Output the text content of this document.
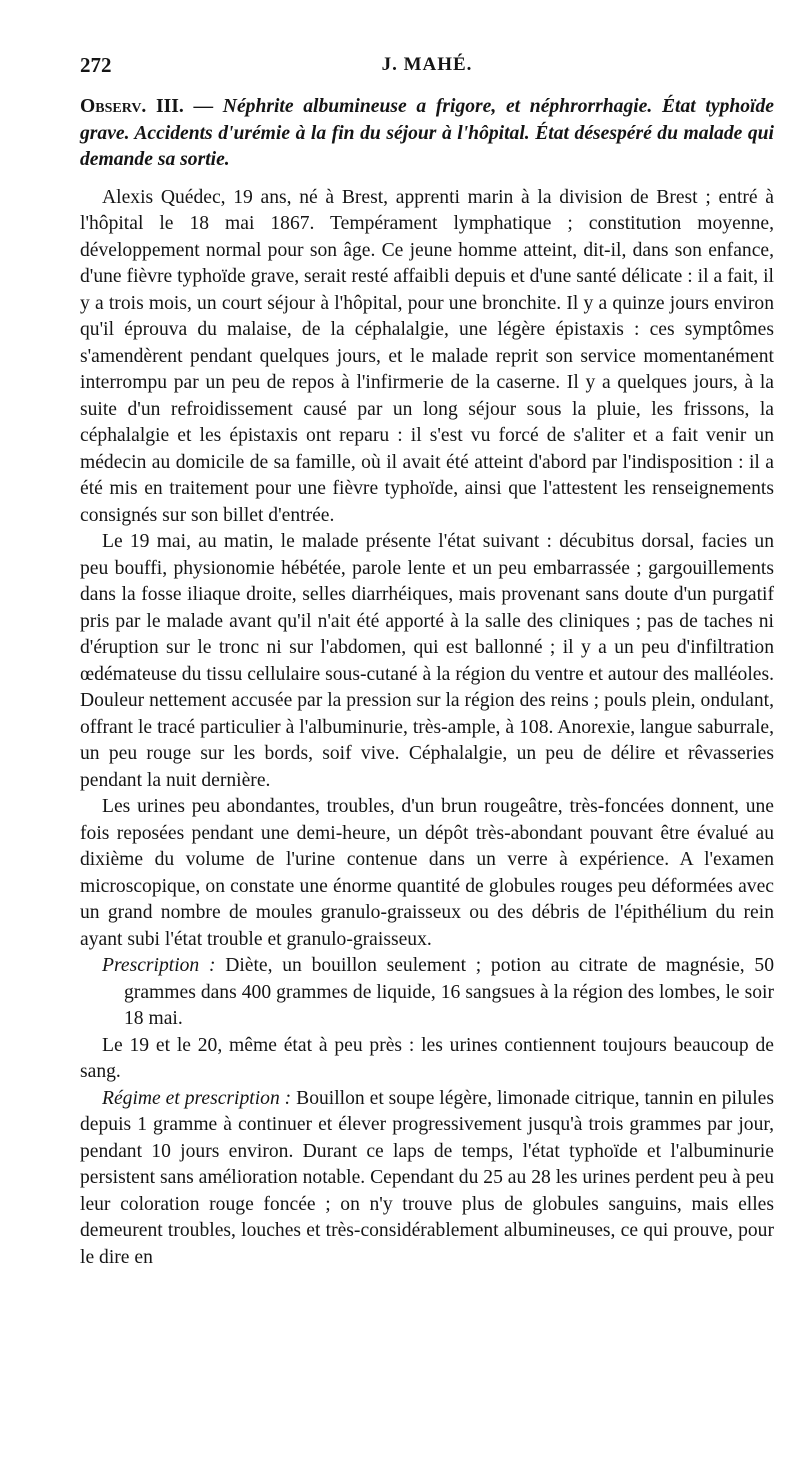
272	J. MAHÉ.

Observ. III. — Néphrite albumineuse a frigore, et néphrorrhagie. État typhoïde grave. Accidents d'urémie à la fin du séjour à l'hôpital. État désespéré du malade qui demande sa sortie.

Alexis Quédec, 19 ans, né à Brest, apprenti marin à la division de Brest ; entré à l'hôpital le 18 mai 1867. Tempérament lymphatique ; constitution moyenne, développement normal pour son âge. Ce jeune homme atteint, dit-il, dans son enfance, d'une fièvre typhoïde grave, serait resté affaibli depuis et d'une santé délicate : il a fait, il y a trois mois, un court séjour à l'hôpital, pour une bronchite. Il y a quinze jours environ qu'il éprouva du malaise, de la céphalalgie, une légère épistaxis : ces symptômes s'amendèrent pendant quelques jours, et le malade reprit son service momentanément interrompu par un peu de repos à l'infirmerie de la caserne. Il y a quelques jours, à la suite d'un refroidissement causé par un long séjour sous la pluie, les frissons, la céphalalgie et les épistaxis ont reparu : il s'est vu forcé de s'aliter et a fait venir un médecin au domicile de sa famille, où il avait été atteint d'abord par l'indisposition : il a été mis en traitement pour une fièvre typhoïde, ainsi que l'attestent les renseignements consignés sur son billet d'entrée.

Le 19 mai, au matin, le malade présente l'état suivant : décubitus dorsal, facies un peu bouffi, physionomie hébétée, parole lente et un peu embarrassée ; gargouillements dans la fosse iliaque droite, selles diarrhéiques, mais provenant sans doute d'un purgatif pris par le malade avant qu'il n'ait été apporté à la salle des cliniques ; pas de taches ni d'éruption sur le tronc ni sur l'abdomen, qui est ballonné ; il y a un peu d'infiltration œdémateuse du tissu cellulaire sous-cutané à la région du ventre et autour des malléoles. Douleur nettement accusée par la pression sur la région des reins ; pouls plein, ondulant, offrant le tracé particulier à l'albuminurie, très-ample, à 108. Anorexie, langue saburrale, un peu rouge sur les bords, soif vive. Céphalalgie, un peu de délire et rêvasseries pendant la nuit dernière.

Les urines peu abondantes, troubles, d'un brun rougeâtre, très-foncées donnent, une fois reposées pendant une demi-heure, un dépôt très-abondant pouvant être évalué au dixième du volume de l'urine contenue dans un verre à expérience. A l'examen microscopique, on constate une énorme quantité de globules rouges peu déformées avec un grand nombre de moules granulo-graisseux ou des débris de l'épithélium du rein ayant subi l'état trouble et granulo-graisseux.

Prescription : Diète, un bouillon seulement ; potion au citrate de magnésie, 50 grammes dans 400 grammes de liquide, 16 sangsues à la région des lombes, le soir 18 mai.

Le 19 et le 20, même état à peu près : les urines contiennent toujours beaucoup de sang.

Régime et prescription : Bouillon et soupe légère, limonade citrique, tannin en pilules depuis 1 gramme à continuer et élever progressivement jusqu'à trois grammes par jour, pendant 10 jours environ. Durant ce laps de temps, l'état typhoïde et l'albuminurie persistent sans amélioration notable. Cependant du 25 au 28 les urines perdent peu à peu leur coloration rouge foncée ; on n'y trouve plus de globules sanguins, mais elles demeurent troubles, louches et très-considérablement albumineuses, ce qui prouve, pour le dire en
